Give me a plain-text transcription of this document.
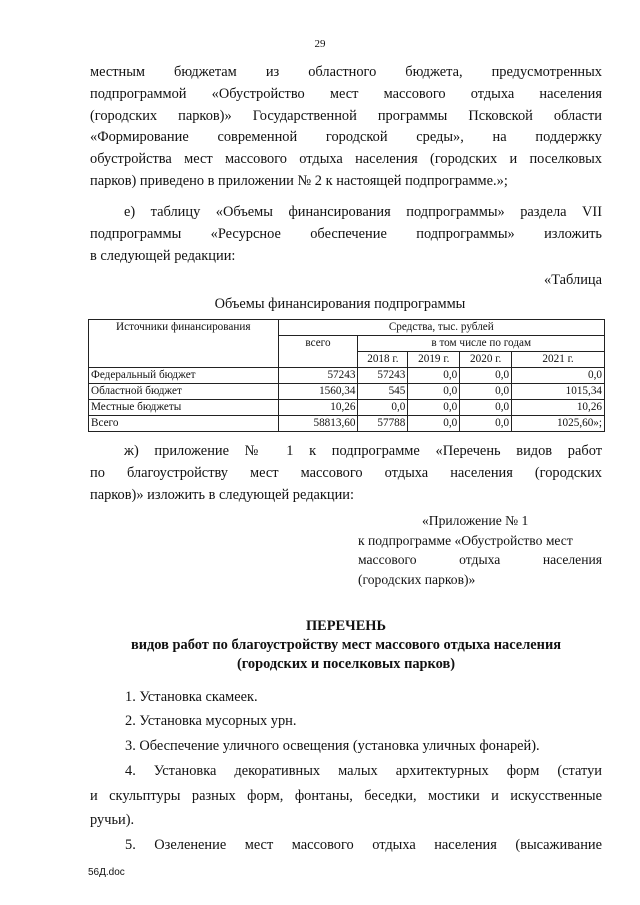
29
местным бюджетам из областного бюджета, предусмотренных
подпрограммой «Обустройство мест массового отдыха населения
(городских парков)» Государственной программы Псковской области
«Формирование современной городской среды», на поддержку
обустройства мест массового отдыха населения (городских и поселковых
парков) приведено в приложении № 2 к настоящей подпрограмме.»;
е) таблицу «Объемы финансирования подпрограммы» раздела VII
подпрограммы «Ресурсное обеспечение подпрограммы» изложить
в следующей редакции:
«Таблица
Объемы финансирования подпрограммы
Источники финансирования	Средства, тыс. рублей				
	всего	в том числе по годам			
		2018 г.	2019 г.	2020 г.	2021 г.
Федеральный бюджет	57243	57243	0,0	0,0	0,0
Областной бюджет	1560,34	545	0,0	0,0	1015,34
Местные бюджеты	10,26	0,0	0,0	0,0	10,26
Всего	58813,60	57788	0,0	0,0	1025,60»;
ж) приложение № 1 к подпрограмме «Перечень видов работ
по благоустройству мест массового отдыха населения (городских
парков)» изложить в следующей редакции:
«Приложение № 1
к подпрограмме «Обустройство мест
массового отдыха населения
(городских парков)»
ПЕРЕЧЕНЬ
видов работ по благоустройству мест массового отдыха населения
(городских и поселковых парков)
1. Установка скамеек.
2. Установка мусорных урн.
3. Обеспечение уличного освещения (установка уличных фонарей).
4. Установка декоративных малых архитектурных форм (статуи
и скульптуры разных форм, фонтаны, беседки, мостики и искусственные
ручьи).
5. Озеленение мест массового отдыха населения (высаживание
56Д.doc
